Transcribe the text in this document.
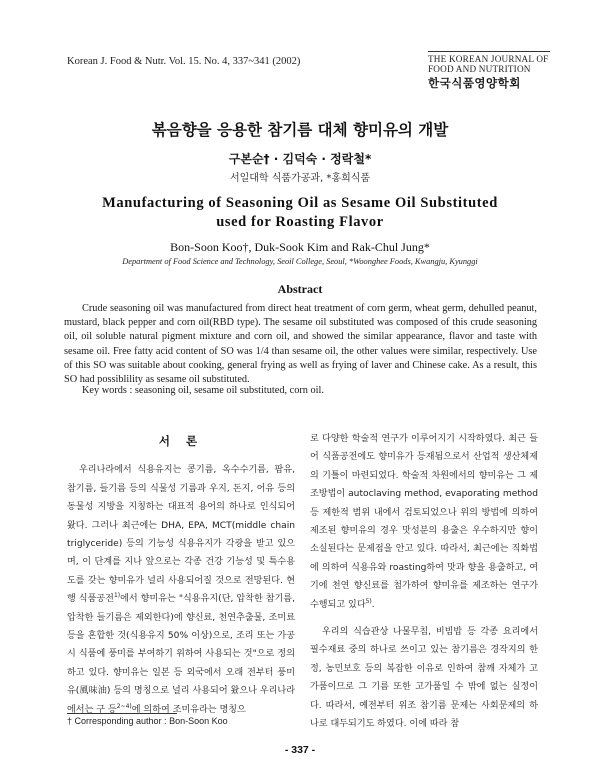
Korean J. Food & Nutr. Vol. 15. No. 4, 337~341 (2002)	THE KOREAN JOURNAL OF
FOOD AND NUTRITION
한국식품영양학회
볶음향을 응용한 참기름 대체 향미유의 개발
구본순† · 김덕숙 · 정락철*
서일대학 식품가공과, *홍희식품
Manufacturing of Seasoning Oil as Sesame Oil Substituted
used for Roasting Flavor
Bon-Soon Koo†, Duk-Sook Kim and Rak-Chul Jung*
Department of Food Science and Technology, Seoil College, Seoul, *Woonghee Foods, Kwangju, Kyunggi
Abstract
Crude seasoning oil was manufactured from direct heat treatment of corn germ, wheat germ, dehulled peanut, mustard, black pepper and corn oil(RBD type). The sesame oil substituted was composed of this crude seasoning oil, oil soluble natural pigment mixture and corn oil, and showed the similar appearance, flavor and taste with sesame oil. Free fatty acid content of SO was 1/4 than sesame oil, the other values were similar, respectively. Use of this SO was suitable about cooking, general frying as well as frying of laver and Chinese cake. As a result, this SO had possiblility as sesame oil substituted.
Key words : seasoning oil, sesame oil substituted, corn oil.
서 론

우리나라에서 식용유지는 콩기름, 옥수수기름, 팜유, 참기름, 들기름 등의 식물성 기름과 우지, 돈지, 어유 등의 동물성 지방을 지칭하는 대표적 용어의 하나로 인식되어 왔다. 그러나 최근에는 DHA, EPA, MCT(middle chain triglyceride) 등의 기능성 식용유지가 각광을 받고 있으며, 이 단계를 지나 앞으로는 각종 건강 기능성 및 특수용도를 갖는 향미유가 널리 사용되어질 것으로 전망된다. 현행 식품공전$^{1)}$에서 향미유는 "식용유지(단, 압착한 참기름, 압착한 들기름은 제외한다)에 향신료, 천연추출물, 조미료 등을 혼합한 것(식용유지 50% 이상)으로, 조리 또는 가공시 식품에 풍미를 부여하기 위하여 사용되는 것"으로 정의하고 있다. 향미유는 일본 등 외국에서 오래 전부터 풍미유(風味油) 등의 명칭으로 널리 사용되어 왔으나 우리나라에서는 구 등$^{2\sim 4)}$에 의하여 조미유라는 명칭으

로 다양한 학술적 연구가 이루어지기 시작하였다. 최근 들어 식품공전에도 향미유가 등재됨으로서 산업적 생산체제의 기틀이 마련되었다. 학술적 차원에서의 향미유는 그 제조방법이 autoclaving method, evaporating method 등 제한적 범위 내에서 검토되었으나 위의 방법에 의하여 제조된 향미유의 경우 맛성분의 용출은 우수하지만 향이 소실된다는 문제점을 안고 있다. 따라서, 최근에는 직화법에 의하여 식용유와 roasting하여 맛과 향을 용출하고, 여기에 천연 향신료를 첨가하여 향미유를 제조하는 연구가 수행되고 있다$^{5)}$.

우리의 식습관상 나물무침, 비빔밥 등 각종 요리에서 필수재료 중의 하나로 쓰이고 있는 참기름은 경작지의 한정, 농민보호 등의 복잡한 이유로 인하여 참깨 자체가 고가품이므로 그 기름 또한 고가품일 수 밖에 없는 실정이다. 따라서, 예전부터 위조 참기름 문제는 사회문제의 하나로 대두되기도 하였다. 이에 따라 참

† Corresponding author : Bon-Soon Koo
- 337 -
